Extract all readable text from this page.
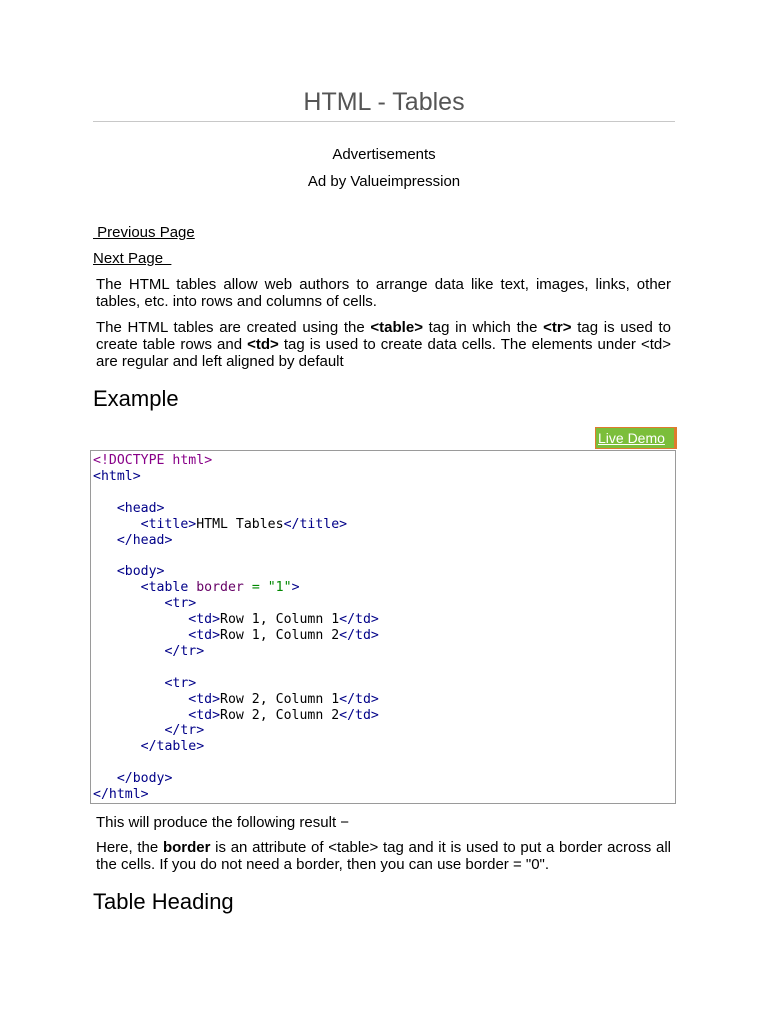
HTML - Tables
Advertisements
Ad by Valueimpression
Previous Page
Next Page
The HTML tables allow web authors to arrange data like text, images, links, other tables, etc. into rows and columns of cells.
The HTML tables are created using the <table> tag in which the <tr> tag is used to create table rows and <td> tag is used to create data cells. The elements under <td> are regular and left aligned by default
Example
Live Demo
<!DOCTYPE html>
<html>

<head>
<title>HTML Tables</title>
</head>

<body>
<table border = "1">
<tr>
<td>Row 1, Column 1</td>
<td>Row 1, Column 2</td>
</tr>

<tr>
<td>Row 2, Column 1</td>
<td>Row 2, Column 2</td>
</tr>
</table>

</body>
</html>
This will produce the following result −
Here, the border is an attribute of <table> tag and it is used to put a border across all the cells. If you do not need a border, then you can use border = "0".
Table Heading
